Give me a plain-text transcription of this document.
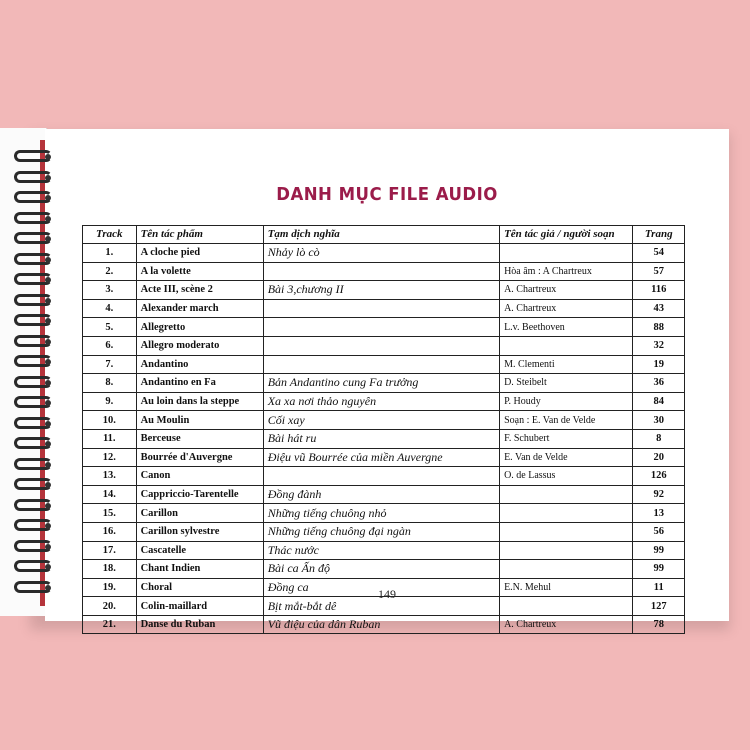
DANH MỤC FILE AUDIO
Track	Tên tác phẩm	Tạm dịch nghĩa	Tên tác giả / người soạn	Trang
1.	A cloche pied	Nhảy lò cò		54
2.	A la volette		Hòa âm : A Chartreux	57
3.	Acte III, scène 2	Bài 3,chương II	A. Chartreux	116
4.	Alexander march		A. Chartreux	43
5.	Allegretto		L.v. Beethoven	88
6.	Allegro moderato			32
7.	Andantino		M. Clementi	19
8.	Andantino en Fa	Bản Andantino cung Fa trưởng	D. Steibelt	36
9.	Au loin dans la steppe	Xa xa nơi thảo nguyên	P. Houdy	84
10.	Au Moulin	Cối xay	Soạn : E. Van de Velde	30
11.	Berceuse	Bài hát ru	F. Schubert	8
12.	Bourrée d'Auvergne	Điệu vũ Bourrée của miền Auvergne	E. Van de Velde	20
13.	Canon		O. de Lassus	126
14.	Cappriccio-Tarentelle	Đồng đành		92
15.	Carillon	Những tiếng chuông nhỏ		13
16.	Carillon sylvestre	Những tiếng chuông đại ngàn		56
17.	Cascatelle	Thác nước		99
18.	Chant Indien	Bài ca Ấn độ		99
19.	Choral	Đồng ca	E.N. Mehul	11
20.	Colin-maillard	Bịt mắt-bắt dê		127
21.	Danse du Ruban	Vũ điệu của dân Ruban	A. Chartreux	78
149
